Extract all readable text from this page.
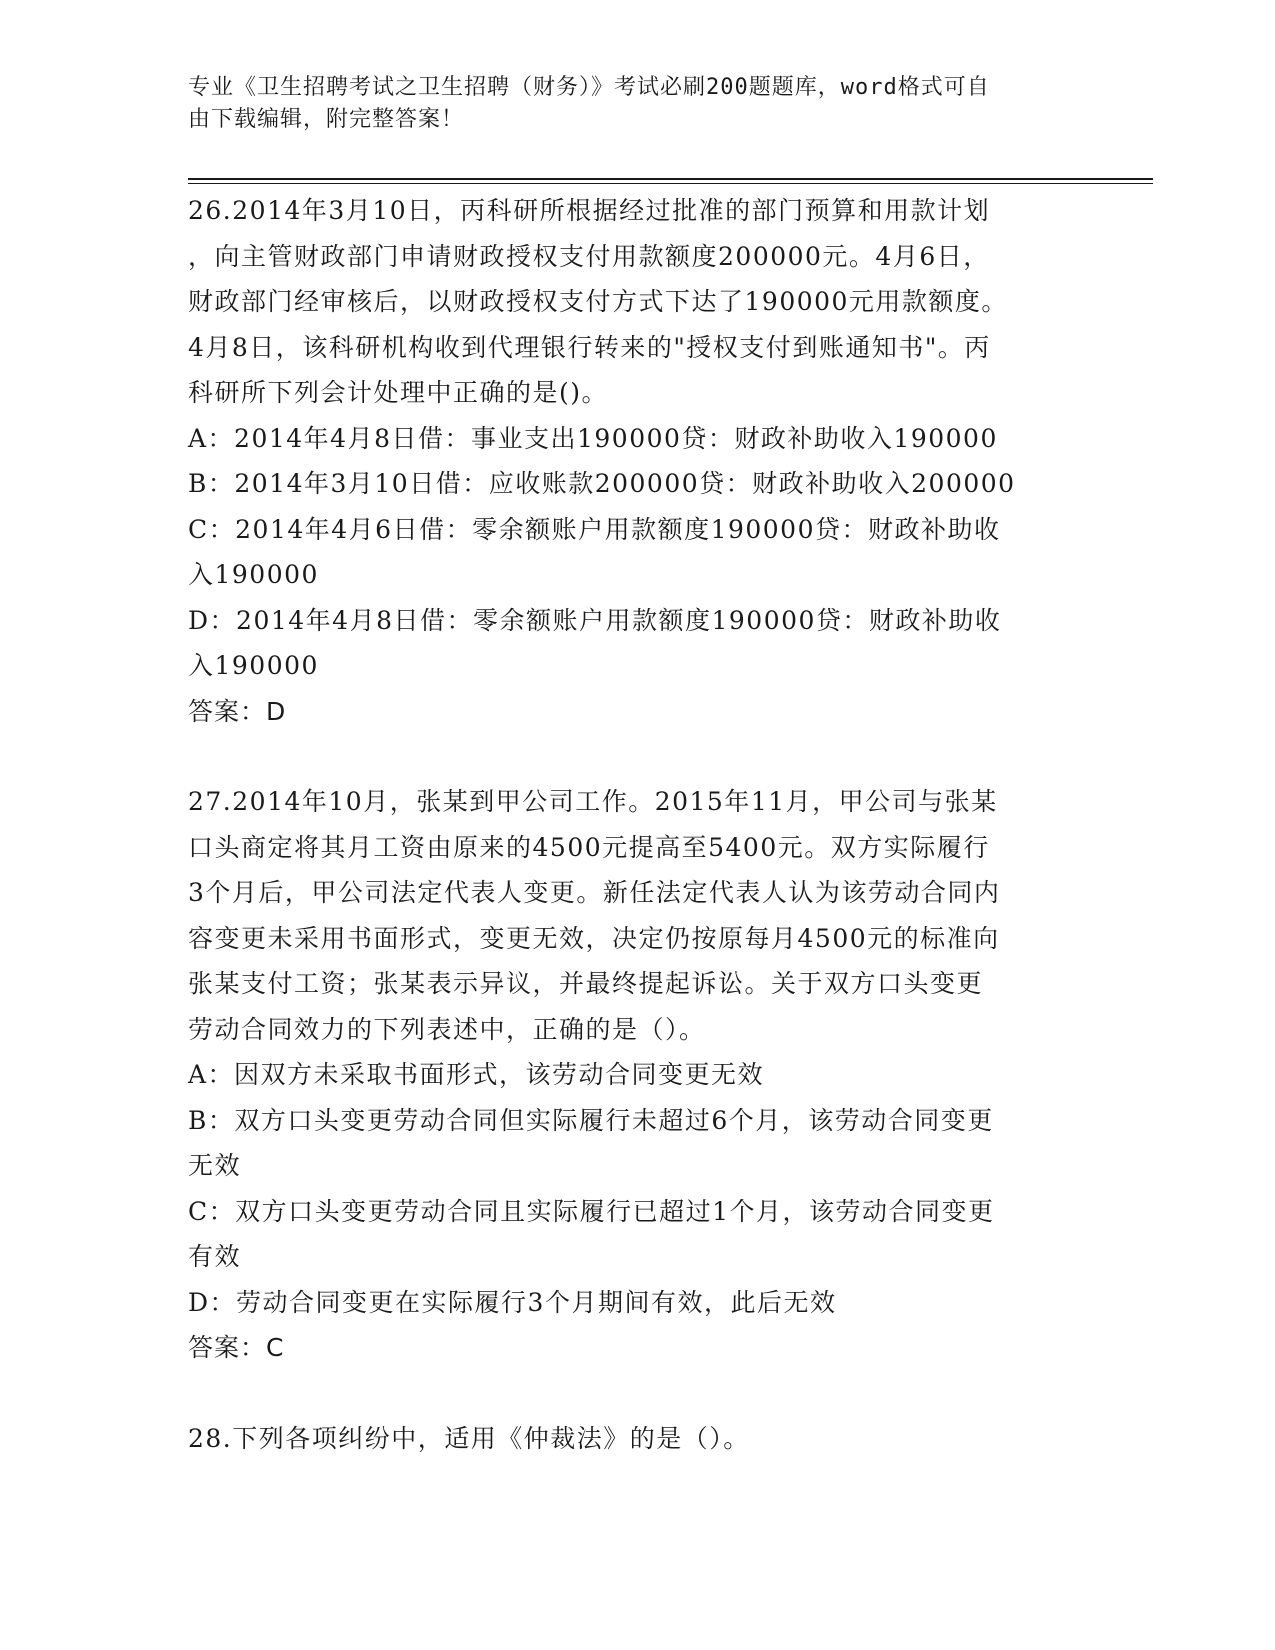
专业《卫生招聘考试之卫生招聘（财务）》考试必刷200题题库，word格式可自
由下载编辑，附完整答案！

26.2014年3月10日，丙科研所根据经过批准的部门预算和用款计划

，向主管财政部门申请财政授权支付用款额度200000元。4月6日，

财政部门经审核后，以财政授权支付方式下达了190000元用款额度。

4月8日，该科研机构收到代理银行转来的"授权支付到账通知书"。丙

科研所下列会计处理中正确的是()。

A：2014年4月8日借：事业支出190000贷：财政补助收入190000

B：2014年3月10日借：应收账款200000贷：财政补助收入200000

C：2014年4月6日借：零余额账户用款额度190000贷：财政补助收

入190000

D：2014年4月8日借：零余额账户用款额度190000贷：财政补助收

入190000

答案：D

27.2014年10月，张某到甲公司工作。2015年11月，甲公司与张某

口头商定将其月工资由原来的4500元提高至5400元。双方实际履行

3个月后，甲公司法定代表人变更。新任法定代表人认为该劳动合同内

容变更未采用书面形式，变更无效，决定仍按原每月4500元的标准向

张某支付工资；张某表示异议，并最终提起诉讼。关于双方口头变更

劳动合同效力的下列表述中，正确的是（）。

A：因双方未采取书面形式，该劳动合同变更无效

B：双方口头变更劳动合同但实际履行未超过6个月，该劳动合同变更

无效

C：双方口头变更劳动合同且实际履行已超过1个月，该劳动合同变更

有效

D：劳动合同变更在实际履行3个月期间有效，此后无效

答案：C

28.下列各项纠纷中，适用《仲裁法》的是（）。
